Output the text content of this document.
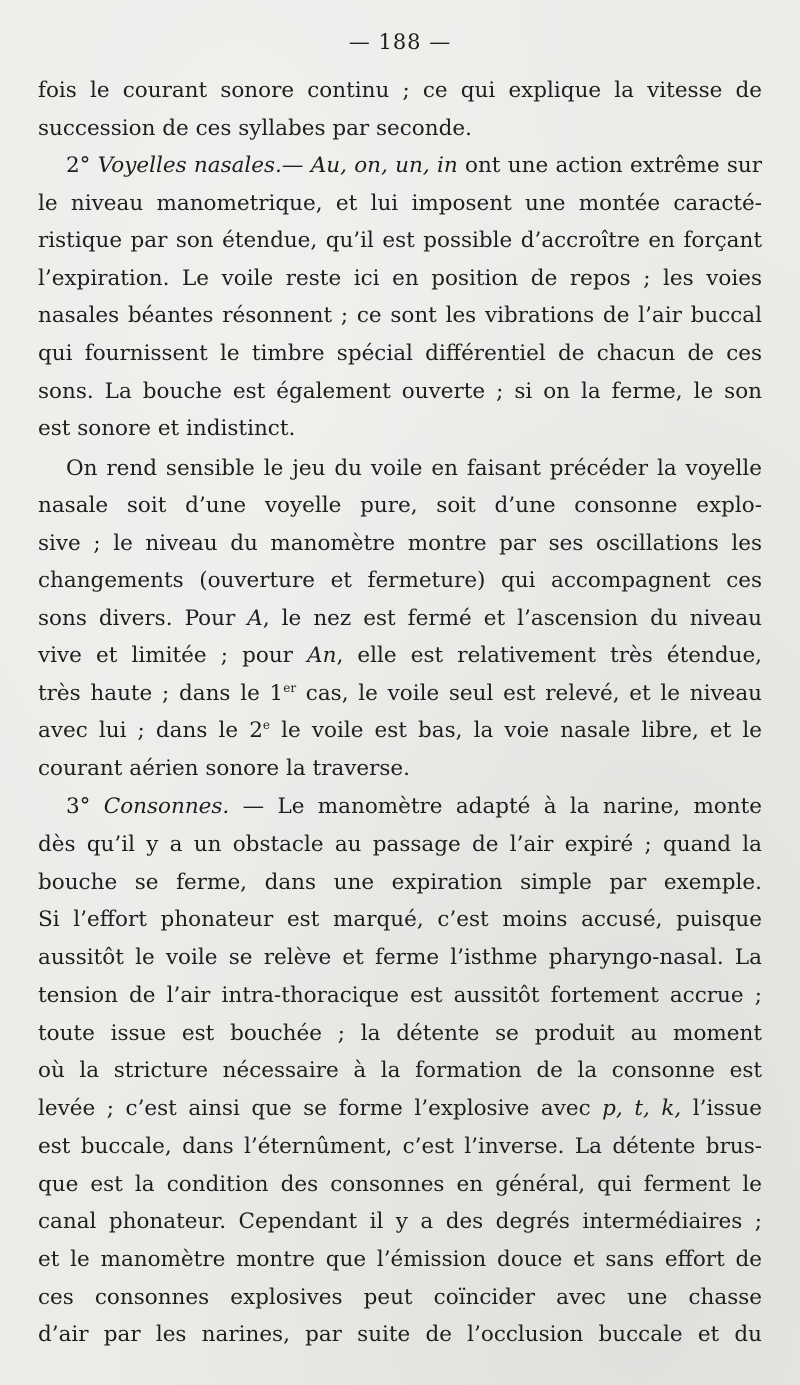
— 188 —
fois le courant sonore continu ; ce qui explique la vitesse de
succession de ces syllabes par seconde.
2° Voyelles nasales.— Au, on, un, in ont une action extrême sur
le niveau manometrique, et lui imposent une montée caracté-
ristique par son étendue, qu’il est possible d’accroître en forçant
l’expiration. Le voile reste ici en position de repos ; les voies
nasales béantes résonnent ; ce sont les vibrations de l’air buccal
qui fournissent le timbre spécial différentiel de chacun de ces
sons. La bouche est également ouverte ; si on la ferme, le son
est sonore et indistinct.
On rend sensible le jeu du voile en faisant précéder la voyelle
nasale soit d’une voyelle pure, soit d’une consonne explo-
sive ; le niveau du manomètre montre par ses oscillations les
changements (ouverture et fermeture) qui accompagnent ces
sons divers. Pour A, le nez est fermé et l’ascension du niveau
vive et limitée ; pour An, elle est relativement très étendue,
très haute ; dans le 1er cas, le voile seul est relevé, et le niveau
avec lui ; dans le 2e le voile est bas, la voie nasale libre, et le
courant aérien sonore la traverse.
3° Consonnes. — Le manomètre adapté à la narine, monte
dès qu’il y a un obstacle au passage de l’air expiré ; quand la
bouche se ferme, dans une expiration simple par exemple.
Si l’effort phonateur est marqué, c’est moins accusé, puisque
aussitôt le voile se relève et ferme l’isthme pharyngo-nasal. La
tension de l’air intra-thoracique est aussitôt fortement accrue ;
toute issue est bouchée ; la détente se produit au moment
où la stricture nécessaire à la formation de la consonne est
levée ; c’est ainsi que se forme l’explosive avec p, t, k, l’issue
est buccale, dans l’éternûment, c’est l’inverse. La détente brus-
que est la condition des consonnes en général, qui ferment le
canal phonateur. Cependant il y a des degrés intermédiaires ;
et le manomètre montre que l’émission douce et sans effort de
ces consonnes explosives peut coïncider avec une chasse
d’air par les narines, par suite de l’occlusion buccale et du
